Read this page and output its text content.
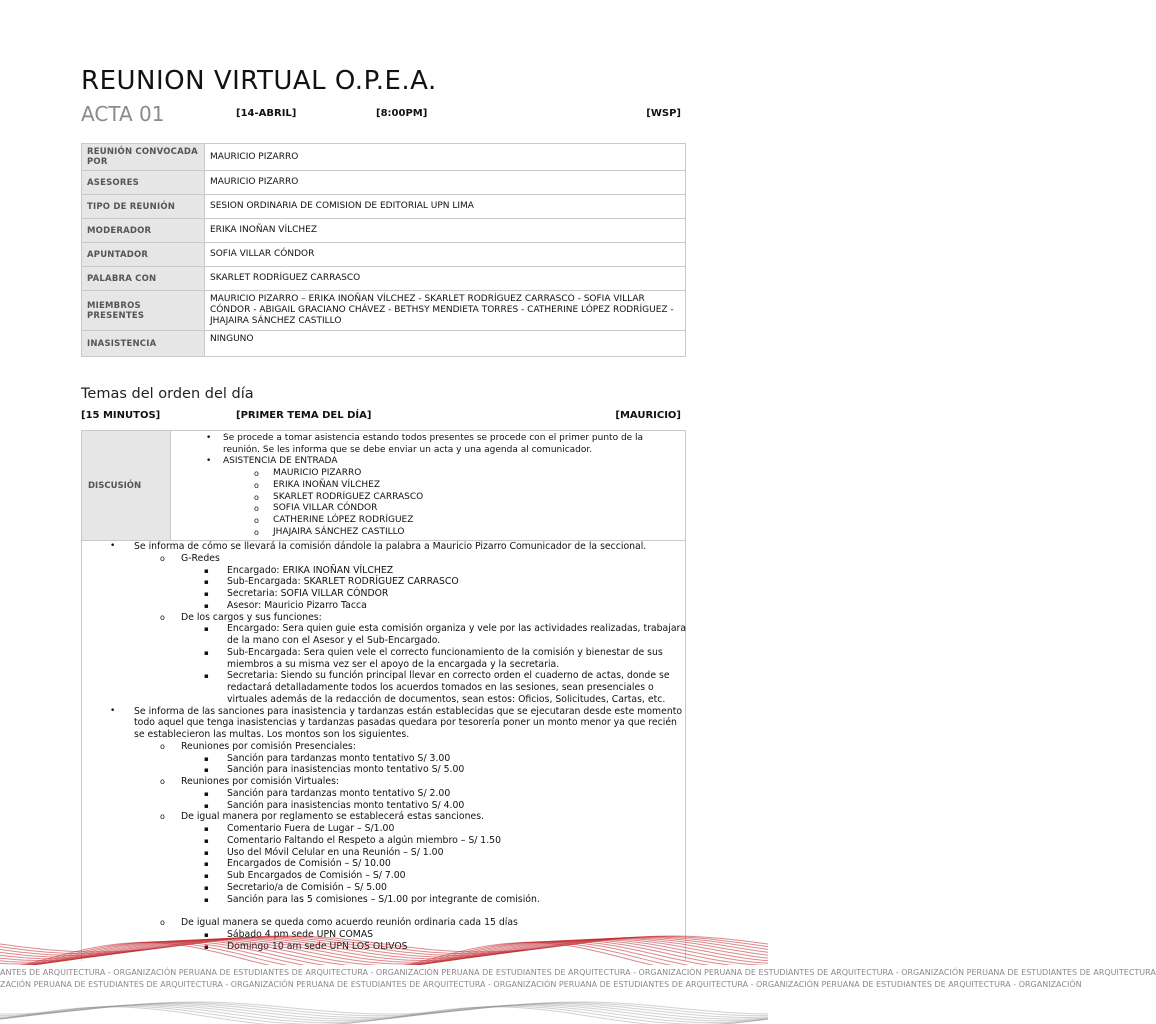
REUNION VIRTUAL O.P.E.A.
ACTA 01	[14-ABRIL]	[8:00PM]	[WSP]
REUNIÓN CONVOCADA POR	MAURICIO PIZARRO
ASESORES	MAURICIO PIZARRO
TIPO DE REUNIÓN	SESION ORDINARIA DE COMISION DE EDITORIAL UPN LIMA
MODERADOR	ERIKA INOÑAN VÍLCHEZ
APUNTADOR	SOFIA VILLAR CÓNDOR
PALABRA CON	SKARLET RODRÍGUEZ CARRASCO
MIEMBROS PRESENTES	MAURICIO PIZARRO – ERIKA INOÑAN VÍLCHEZ - SKARLET RODRÍGUEZ CARRASCO - SOFIA VILLAR CÓNDOR - ABIGAIL GRACIANO CHÁVEZ - BETHSY MENDIETA TORRES - CATHERINE LÓPEZ RODRÍGUEZ - JHAJAIRA SÁNCHEZ CASTILLO
INASISTENCIA	NINGUNO
Temas del orden del día
[15 MINUTOS]	[PRIMER TEMA DEL DÍA]	[MAURICIO]
DISCUSIÓN
• Se procede a tomar asistencia estando todos presentes se procede con el primer punto de la reunión. Se les informa que se debe enviar un acta y una agenda al comunicador.
• ASISTENCIA DE ENTRADA
o MAURICIO PIZARRO
o ERIKA INOÑAN VÍLCHEZ
o SKARLET RODRÍGUEZ CARRASCO
o SOFIA VILLAR CÓNDOR
o CATHERINE LÓPEZ RODRÍGUEZ
o JHAJAIRA SÁNCHEZ CASTILLO
• Se informa de cómo se llevará la comisión dándole la palabra a Mauricio Pizarro Comunicador de la seccional.
o G-Redes
▪ Encargado: ERIKA INOÑAN VÍLCHEZ
▪ Sub-Encargada: SKARLET RODRÍGUEZ CARRASCO
▪ Secretaria: SOFIA VILLAR CÓNDOR
▪ Asesor: Mauricio Pizarro Tacca
o De los cargos y sus funciones:
▪ Encargado: Sera quien guie esta comisión organiza y vele por las actividades realizadas, trabajara de la mano con el Asesor y el Sub-Encargado.
▪ Sub-Encargada: Sera quien vele el correcto funcionamiento de la comisión y bienestar de sus miembros a su misma vez ser el apoyo de la encargada y la secretaria.
▪ Secretaria: Siendo su función principal llevar en correcto orden el cuaderno de actas, donde se redactará detalladamente todos los acuerdos tomados en las sesiones, sean presenciales o virtuales además de la redacción de documentos, sean estos: Oficios, Solicitudes, Cartas, etc.
• Se informa de las sanciones para inasistencia y tardanzas están establecidas que se ejecutaran desde este momento todo aquel que tenga inasistencias y tardanzas pasadas quedara por tesorería poner un monto menor ya que recién se establecieron las multas. Los montos son los siguientes.
o Reuniones por comisión Presenciales:
▪ Sanción para tardanzas monto tentativo S/ 3.00
▪ Sanción para inasistencias monto tentativo S/ 5.00
o Reuniones por comisión Virtuales:
▪ Sanción para tardanzas monto tentativo S/ 2.00
▪ Sanción para inasistencias monto tentativo S/ 4.00
o De igual manera por reglamento se establecerá estas sanciones.
▪ Comentario Fuera de Lugar – S/1.00
▪ Comentario Faltando el Respeto a algún miembro – S/ 1.50
▪ Uso del Móvil Celular en una Reunión – S/ 1.00
▪ Encargados de Comisión – S/ 10.00
▪ Sub Encargados de Comisión – S/ 7.00
▪ Secretario/a de Comisión – S/ 5.00
▪ Sanción para las 5 comisiones – S/1.00 por integrante de comisión.
o De igual manera se queda como acuerdo reunión ordinaria cada 15 días
▪ Sábado 4 pm sede UPN COMAS
▪ Domingo 10 am sede UPN LOS OLIVOS
ANTES DE ARQUITECTURA - ORGANIZACIÓN PERUANA DE ESTUDIANTES DE ARQUITECTURA - ORGANIZACIÓN PERUANA DE ESTUDIANTES DE ARQUITECTURA - ORGANIZACIÓN PERUANA DE ESTUDIANTES DE ARQUITECTURA - ORGANIZACIÓN PERUANA DE ESTUDIANTES DE ARQUITECTURA
ZACIÓN PERUANA DE ESTUDIANTES DE ARQUITECTURA - ORGANIZACIÓN PERUANA DE ESTUDIANTES DE ARQUITECTURA - ORGANIZACIÓN PERUANA DE ESTUDIANTES DE ARQUITECTURA - ORGANIZACIÓN PERUANA DE ESTUDIANTES DE ARQUITECTURA - ORGANIZACIÓN
